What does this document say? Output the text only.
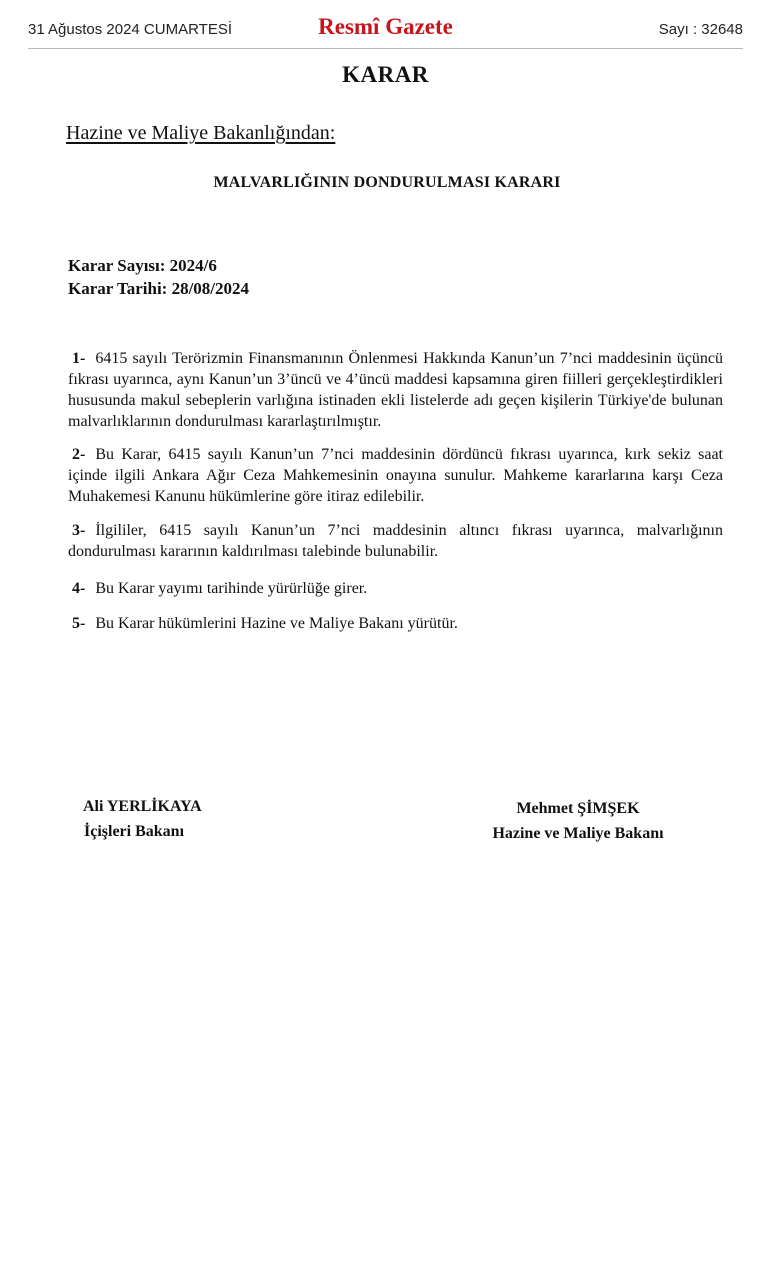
31 Ağustos 2024 CUMARTESİ	Resmî Gazete	Sayı : 32648
KARAR
Hazine ve Maliye Bakanlığından:
MALVARLIĞININ DONDURULMASI KARARI
Karar Sayısı: 2024/6
Karar Tarihi: 28/08/2024

1- 6415 sayılı Terörizmin Finansmanının Önlenmesi Hakkında Kanun’un 7’nci maddesinin üçüncü fıkrası uyarınca, aynı Kanun’un 3’üncü ve 4’üncü maddesi kapsamına giren fiilleri gerçekleştirdikleri hususunda makul sebeplerin varlığına istinaden ekli listelerde adı geçen kişilerin Türkiye'de bulunan malvarlıklarının dondurulması kararlaştırılmıştır.

2- Bu Karar, 6415 sayılı Kanun’un 7’nci maddesinin dördüncü fıkrası uyarınca, kırk sekiz saat içinde ilgili Ankara Ağır Ceza Mahkemesinin onayına sunulur. Mahkeme kararlarına karşı Ceza Muhakemesi Kanunu hükümlerine göre itiraz edilebilir.

3- İlgililer, 6415 sayılı Kanun’un 7’nci maddesinin altıncı fıkrası uyarınca, malvarlığının dondurulması kararının kaldırılması talebinde bulunabilir.

4- Bu Karar yayımı tarihinde yürürlüğe girer.

5- Bu Karar hükümlerini Hazine ve Maliye Bakanı yürütür.

Ali YERLİKAYA
İçişleri Bakanı
Mehmet ŞİMŞEK
Hazine ve Maliye Bakanı
